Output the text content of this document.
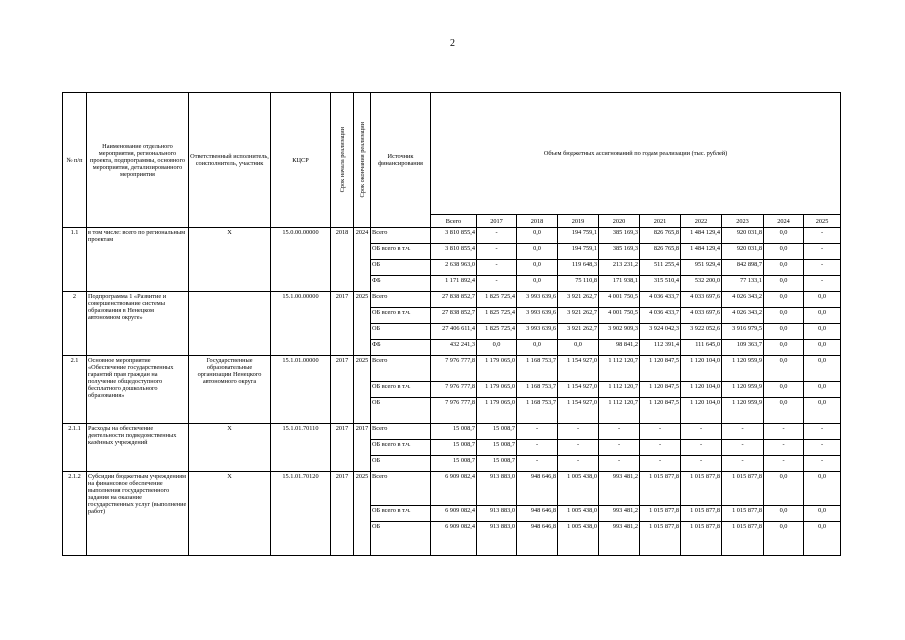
2
№ п/п	Наименование отдельного мероприятия, регионального проекта, подпрограммы, основного мероприятия, детализированного мероприятия	Ответственный исполнитель, соисполнитель, участник	КЦСР	Срок начала реализации	Срок окончания реализации	Источник финансирования	Объем бюджетных ассигнований по годам реализации (тыс. рублей)									
							Всего	2017	2018	2019	2020	2021	2022	2023	2024	2025
1.1	в том числе: всего по региональным проектам	X	15.0.00.00000	2018	2024	Всего	3 810 855,4	-	0,0	194 759,1	385 169,3	826 765,8	1 484 129,4	920 031,8	0,0	-
						ОБ всего в т.ч.	3 810 855,4	-	0,0	194 759,1	385 169,3	826 765,8	1 484 129,4	920 031,8	0,0	-
						ОБ	2 638 963,0	-	0,0	119 648,3	213 231,2	511 255,4	951 929,4	842 898,7	0,0	-
						ФБ	1 171 892,4	-	0,0	75 110,8	171 938,1	315 510,4	532 200,0	77 133,1	0,0	-
2	Подпрограмма 1 «Развитие и совершенствование системы образования в Ненецком автономном округе»		15.1.00.00000	2017	2025	Всего	27 838 852,7	1 825 725,4	3 993 639,6	3 921 262,7	4 001 750,5	4 036 433,7	4 033 697,6	4 026 343,2	0,0	0,0
						ОБ всего в т.ч.	27 838 852,7	1 825 725,4	3 993 639,6	3 921 262,7	4 001 750,5	4 036 433,7	4 033 697,6	4 026 343,2	0,0	0,0
						ОБ	27 406 611,4	1 825 725,4	3 993 639,6	3 921 262,7	3 902 909,3	3 924 042,3	3 922 052,6	3 916 979,5	0,0	0,0
						ФБ	432 241,3	0,0	0,0	0,0	98 841,2	112 391,4	111 645,0	109 363,7	0,0	0,0
2.1	Основное мероприятие «Обеспечение государственных гарантий прав граждан на получение общедоступного бесплатного дошкольного образования»	Государственные образовательные организации Ненецкого автономного округа	15.1.01.00000	2017	2025	Всего	7 976 777,8	1 179 065,0	1 168 753,7	1 154 927,0	1 112 120,7	1 120 847,5	1 120 104,0	1 120 959,9	0,0	0,0
						ОБ всего в т.ч.	7 976 777,8	1 179 065,0	1 168 753,7	1 154 927,0	1 112 120,7	1 120 847,5	1 120 104,0	1 120 959,9	0,0	0,0
						ОБ	7 976 777,8	1 179 065,0	1 168 753,7	1 154 927,0	1 112 120,7	1 120 847,5	1 120 104,0	1 120 959,9	0,0	0,0
2.1.1	Расходы на обеспечение деятельности подведомственных казённых учреждений	X	15.1.01.70110	2017	2017	Всего	15 008,7	15 008,7	-	-	-	-	-	-	-	-
						ОБ всего в т.ч.	15 008,7	15 008,7	-	-	-	-	-	-	-	-
						ОБ	15 008,7	15 008,7	-	-	-	-	-	-	-	-
2.1.2	Субсидии бюджетным учреждениям на финансовое обеспечение выполнения государственного задания на оказание государственных услуг (выполнение работ)	X	15.1.01.70120	2017	2025	Всего	6 909 082,4	913 883,0	948 646,8	1 005 438,0	993 481,2	1 015 877,8	1 015 877,8	1 015 877,8	0,0	0,0
						ОБ всего в т.ч.	6 909 082,4	913 883,0	948 646,8	1 005 438,0	993 481,2	1 015 877,8	1 015 877,8	1 015 877,8	0,0	0,0
						ОБ	6 909 082,4	913 883,0	948 646,8	1 005 438,0	993 481,2	1 015 877,8	1 015 877,8	1 015 877,8	0,0	0,0
